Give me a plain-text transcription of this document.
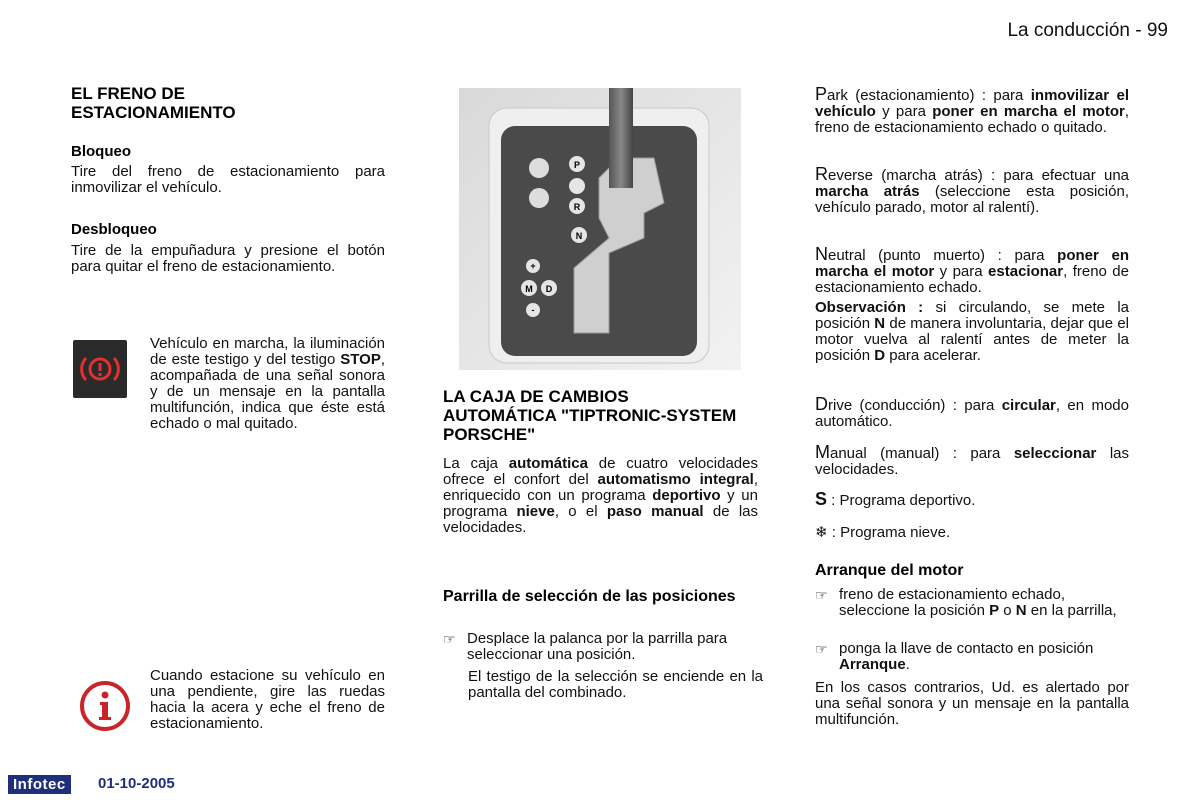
La conducción - 99
EL FRENO DE ESTACIONAMIENTO
Bloqueo
Tire del freno de estacionamiento para inmovilizar el vehículo.
Desbloqueo
Tire de la empuñadura y presione el botón para quitar el freno de estacionamiento.
Vehículo en marcha, la iluminación de este testigo y del testigo STOP, acompañada de una señal sonora y de un mensaje en la pantalla multifunción, indica que éste está echado o mal quitado.
Cuando estacione su vehículo en una pendiente, gire las ruedas hacia la acera y eche el freno de estacionamiento.
P
R
N
M D
+
-
LA CAJA DE CAMBIOS AUTOMÁTICA "TIPTRONIC-SYSTEM PORSCHE"
La caja automática de cuatro velocidades ofrece el confort del automatismo integral, enriquecido con un programa deportivo y un programa nieve, o el paso manual de las velocidades.
Parrilla de selección de las posiciones
☞ Desplace la palanca por la parrilla para seleccionar una posición.
El testigo de la selección se enciende en la pantalla del combinado.
Park (estacionamiento) : para inmovilizar el vehículo y para poner en marcha el motor, freno de estacionamiento echado o quitado.
Reverse (marcha atrás) : para efectuar una marcha atrás (seleccione esta posición, vehículo parado, motor al ralentí).
Neutral (punto muerto) : para poner en marcha el motor y para estacionar, freno de estacionamiento echado.
Observación : si circulando, se mete la posición N de manera involuntaria, dejar que el motor vuelva al ralentí antes de meter la posición D para acelerar.
Drive (conducción) : para circular, en modo automático.
Manual (manual) : para seleccionar las velocidades.
S : Programa deportivo.
❄ : Programa nieve.
Arranque del motor
☞ freno de estacionamiento echado, seleccione la posición P o N en la parrilla,
☞ ponga la llave de contacto en posición Arranque.
En los casos contrarios, Ud. es alertado por una señal sonora y un mensaje en la pantalla multifunción.
Infotec	01-10-2005
